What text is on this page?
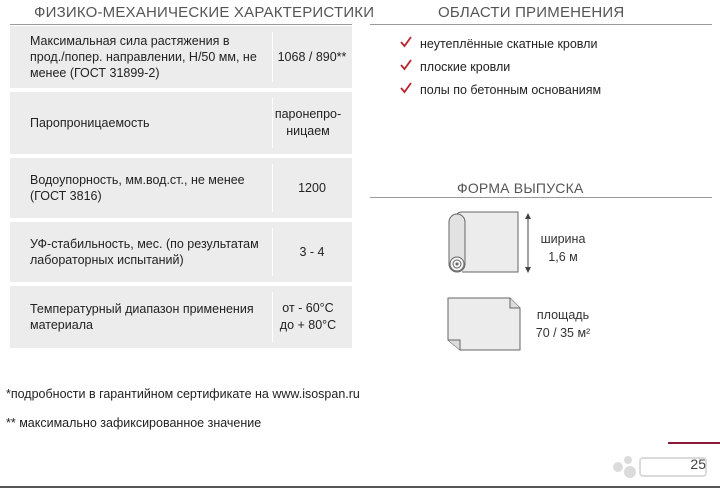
ФИЗИКО-МЕХАНИЧЕСКИЕ ХАРАКТЕРИСТИКИ
Максимальная сила растяжения в прод./попер. направлении, Н/50 мм, не менее (ГОСТ 31899-2)
1068 / 890**
Паропроницаемость
паронепро-ницаем
Водоупорность, мм.вод.ст., не менее (ГОСТ 3816)
1200
УФ-стабильность, мес. (по результатам лабораторных испытаний)
3 - 4
Температурный диапазон применения материала
от - 60°С до + 80°С
ОБЛАСТИ ПРИМЕНЕНИЯ
неутеплённые скатные кровли
плоские кровли
полы по бетонным основаниям
ФОРМА ВЫПУСКА
ширина
1,6 м
площадь
70 / 35 м²
*подробности в гарантийном сертификате на www.isospan.ru
** максимально зафиксированное значение
25
